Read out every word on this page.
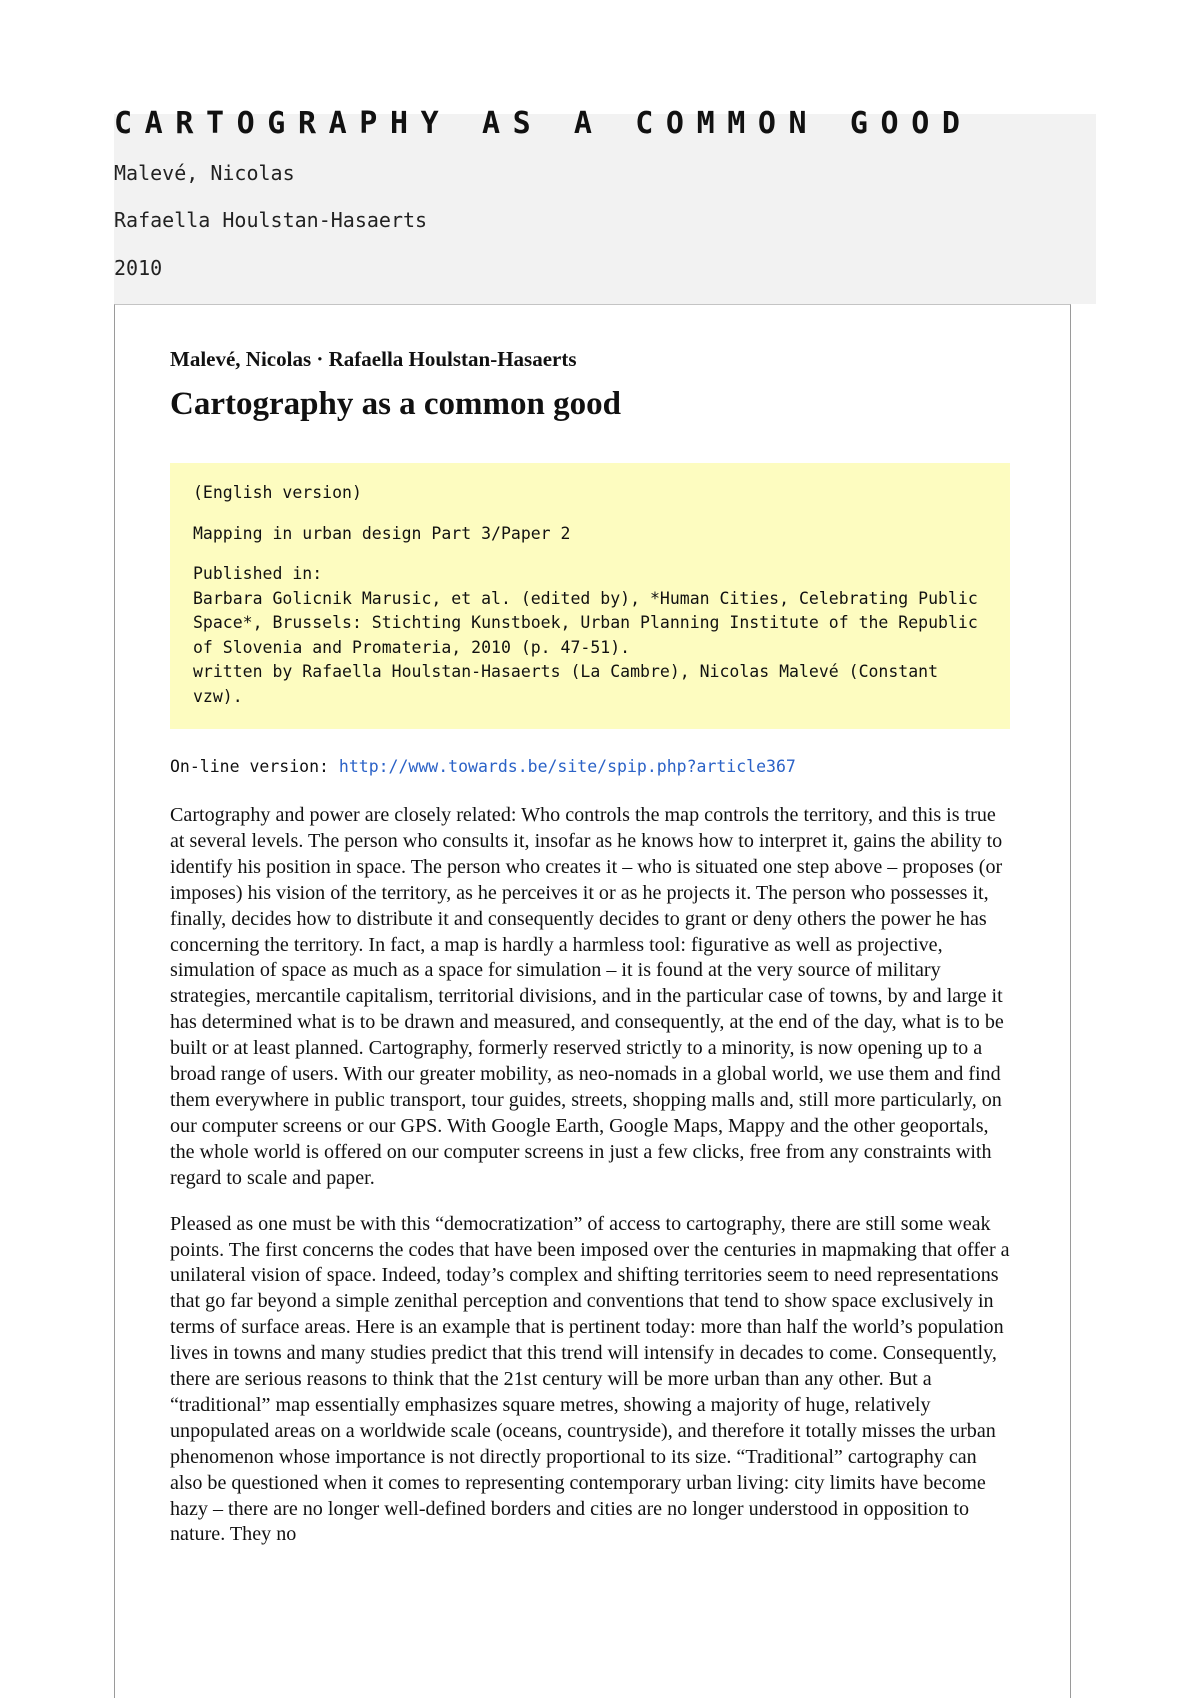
CARTOGRAPHY AS A COMMON GOOD

Malevé, Nicolas

Rafaella Houlstan-Hasaerts

2010

Malevé, Nicolas · Rafaella Houlstan-Hasaerts

Cartography as a common good

(English version)

Mapping in urban design Part 3/Paper 2

Published in:
Barbara Golicnik Marusic, et al. (edited by), *Human Cities, Celebrating Public Space*, Brussels: Stichting Kunstboek, Urban Planning Institute of the Republic of Slovenia and Promateria, 2010 (p. 47-51).
written by Rafaella Houlstan-Hasaerts (La Cambre), Nicolas Malevé (Constant vzw).

On-line version: http://www.towards.be/site/spip.php?article367

Cartography and power are closely related: Who controls the map controls the territory, and this is true at several levels. The person who consults it, insofar as he knows how to interpret it, gains the ability to identify his position in space. The person who creates it – who is situated one step above – proposes (or imposes) his vision of the territory, as he perceives it or as he projects it. The person who possesses it, finally, decides how to distribute it and consequently decides to grant or deny others the power he has concerning the territory. In fact, a map is hardly a harmless tool: figurative as well as projective, simulation of space as much as a space for simulation – it is found at the very source of military strategies, mercantile capitalism, territorial divisions, and in the particular case of towns, by and large it has determined what is to be drawn and measured, and consequently, at the end of the day, what is to be built or at least planned. Cartography, formerly reserved strictly to a minority, is now opening up to a broad range of users. With our greater mobility, as neo-nomads in a global world, we use them and find them everywhere in public transport, tour guides, streets, shopping malls and, still more particularly, on our computer screens or our GPS. With Google Earth, Google Maps, Mappy and the other geoportals, the whole world is offered on our computer screens in just a few clicks, free from any constraints with regard to scale and paper.

Pleased as one must be with this “democratization” of access to cartography, there are still some weak points. The first concerns the codes that have been imposed over the centuries in mapmaking that offer a unilateral vision of space. Indeed, today’s complex and shifting territories seem to need representations that go far beyond a simple zenithal perception and conventions that tend to show space exclusively in terms of surface areas. Here is an example that is pertinent today: more than half the world’s population lives in towns and many studies predict that this trend will intensify in decades to come. Consequently, there are serious reasons to think that the 21st century will be more urban than any other. But a “traditional” map essentially emphasizes square metres, showing a majority of huge, relatively unpopulated areas on a worldwide scale (oceans, countryside), and therefore it totally misses the urban phenomenon whose importance is not directly proportional to its size. “Traditional” cartography can also be questioned when it comes to representing contemporary urban living: city limits have become hazy – there are no longer well-defined borders and cities are no longer understood in opposition to nature. They no
